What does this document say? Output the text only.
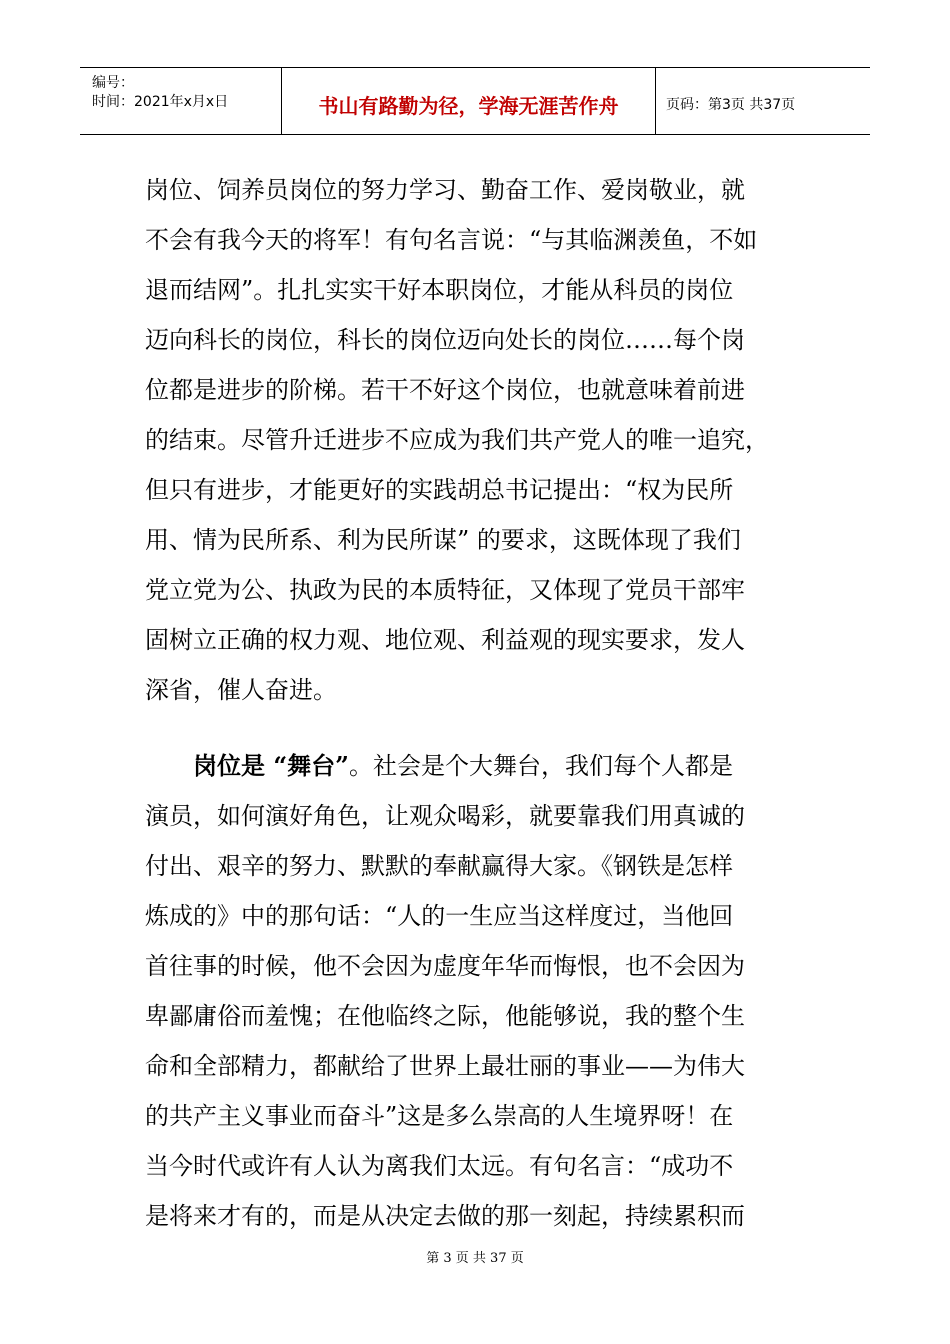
编号：
时间：2021年x月x日	书山有路勤为径，学海无涯苦作舟	页码：第3页 共37页
岗位、饲养员岗位的努力学习、勤奋工作、爱岗敬业，就
不会有我今天的将军！有句名言说：“与其临渊羡鱼，不如
退而结网”。扎扎实实干好本职岗位，才能从科员的岗位
迈向科长的岗位，科长的岗位迈向处长的岗位……每个岗
位都是进步的阶梯。若干不好这个岗位，也就意味着前进
的结束。尽管升迁进步不应成为我们共产党人的唯一追究，
但只有进步，才能更好的实践胡总书记提出：“权为民所
用、情为民所系、利为民所谋” 的要求，这既体现了我们
党立党为公、执政为民的本质特征，又体现了党员干部牢
固树立正确的权力观、地位观、利益观的现实要求，发人
深省，催人奋进。
岗位是 “舞台”。社会是个大舞台，我们每个人都是
演员，如何演好角色，让观众喝彩，就要靠我们用真诚的
付出、艰辛的努力、默默的奉献赢得大家。《钢铁是怎样
炼成的》中的那句话：“人的一生应当这样度过，当他回
首往事的时候，他不会因为虚度年华而悔恨，也不会因为
卑鄙庸俗而羞愧；在他临终之际，他能够说，我的整个生
命和全部精力，都献给了世界上最壮丽的事业——为伟大
的共产主义事业而奋斗”这是多么崇高的人生境界呀！在
当今时代或许有人认为离我们太远。有句名言：“成功不
是将来才有的，而是从决定去做的那一刻起，持续累积而
第 3 页 共 37 页
